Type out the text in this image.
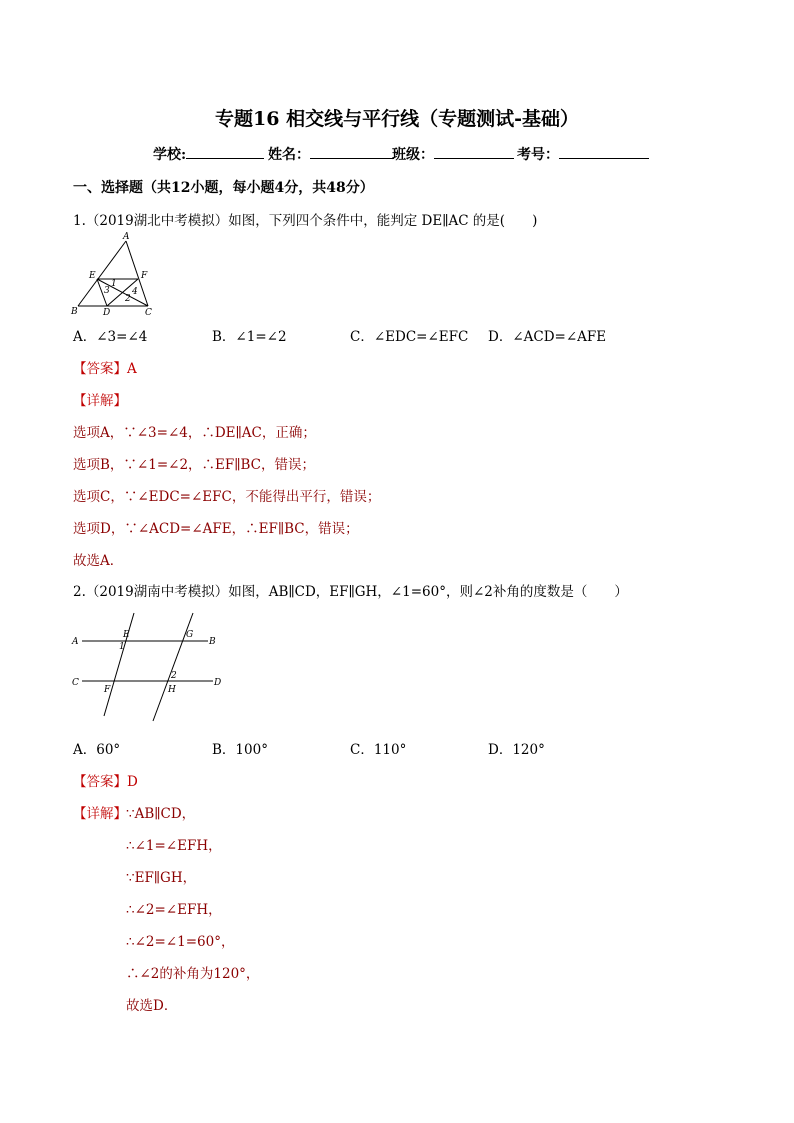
专题16 相交线与平行线（专题测试-基础）
学校:	姓名：	班级：	考号：
一、选择题（共12小题，每小题4分，共48分）
1.（2019湖北中考模拟）如图，下列四个条件中，能判定 DE∥AC 的是(　　)
A
B	C
D
E	F
1
2
3 4
A．∠3=∠4	B．∠1=∠2	C．∠EDC=∠EFC D．∠ACD=∠AFE
【答案】A
【详解】
选项A，∵∠3=∠4，∴DE∥AC，正确；
选项B，∵∠1=∠2，∴EF∥BC，错误；
选项C，∵∠EDC=∠EFC，不能得出平行，错误；
选项D，∵∠ACD=∠AFE，∴EF∥BC，错误；
故选A．
2.（2019湖南中考模拟）如图，AB∥CD，EF∥GH，∠1=60°，则∠2补角的度数是（　　）
A	B
C	D
E
F
G
H
1
2
A．60°	B．100°	C．110°	D．120°
【答案】D
【详解】 ∵AB∥CD，
∴∠1=∠EFH，
∵EF∥GH，
∴∠2=∠EFH，
∴∠2=∠1=60°，
∴∠2的补角为120°，
故选D．
